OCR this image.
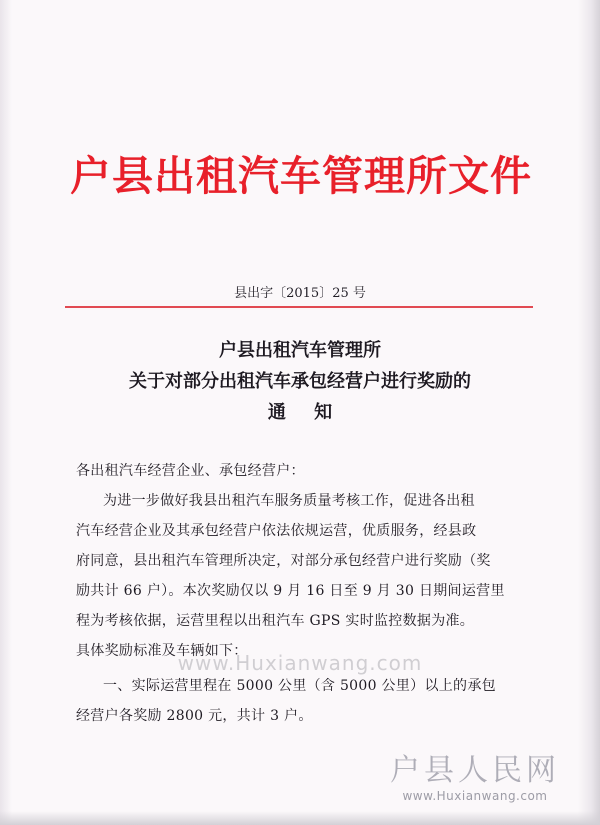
户县出租汽车管理所文件
县出字〔2015〕25 号
户县出租汽车管理所
关于对部分出租汽车承包经营户进行奖励的
通 知
各出租汽车经营企业、承包经营户：
为进一步做好我县出租汽车服务质量考核工作，促进各出租
汽车经营企业及其承包经营户依法依规运营，优质服务，经县政
府同意，县出租汽车管理所决定，对部分承包经营户进行奖励（奖
励共计 66 户）。本次奖励仅以 9 月 16 日至 9 月 30 日期间运营里
程为考核依据，运营里程以出租汽车 GPS 实时监控数据为准。
具体奖励标准及车辆如下：
一、实际运营里程在 5000 公里（含 5000 公里）以上的承包
经营户各奖励 2800 元，共计 3 户。
www.Huxianwang.com
户县人民网
www.Huxianwang.com
